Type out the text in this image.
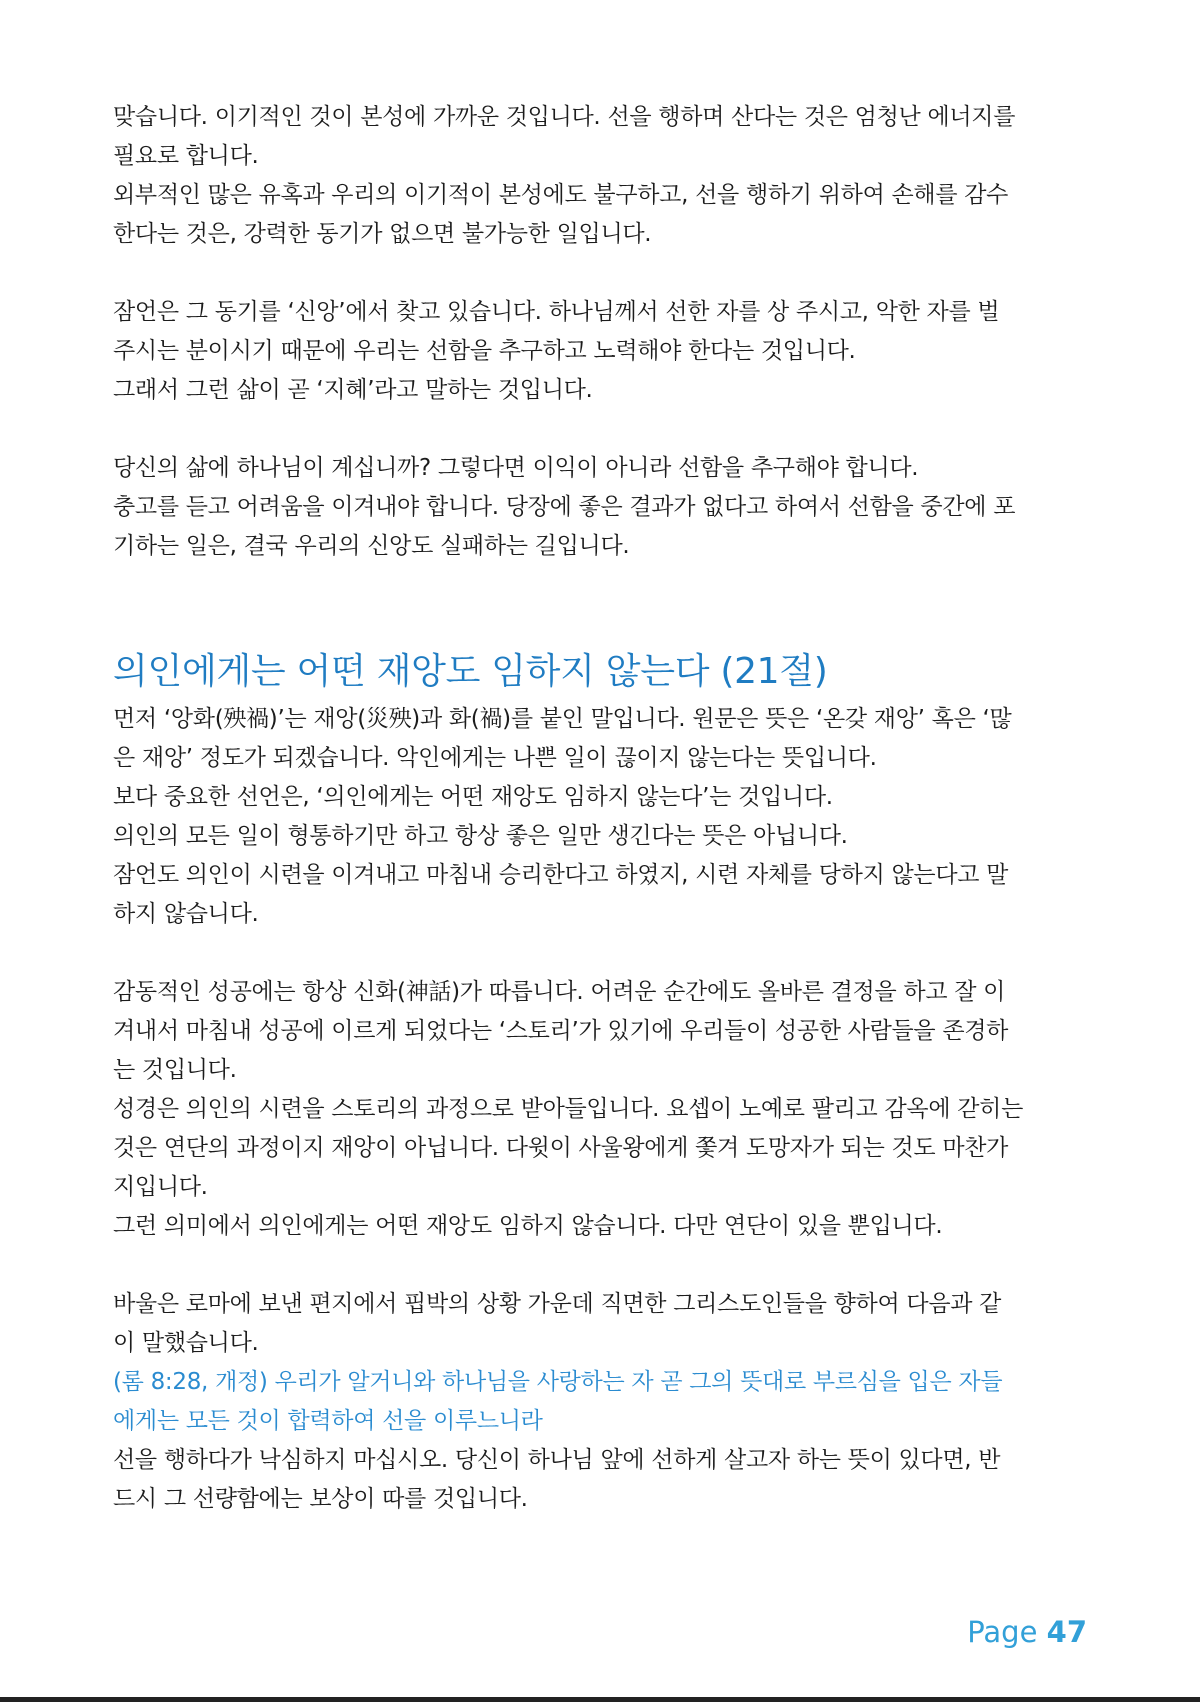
맞습니다. 이기적인 것이 본성에 가까운 것입니다. 선을 행하며 산다는 것은 엄청난 에너지를
필요로 합니다.
외부적인 많은 유혹과 우리의 이기적이 본성에도 불구하고, 선을 행하기 위하여 손해를 감수
한다는 것은, 강력한 동기가 없으면 불가능한 일입니다.
잠언은 그 동기를 ‘신앙’에서 찾고 있습니다. 하나님께서 선한 자를 상 주시고, 악한 자를 벌
주시는 분이시기 때문에 우리는 선함을 추구하고 노력해야 한다는 것입니다.
그래서 그런 삶이 곧 ‘지혜’라고 말하는 것입니다.
당신의 삶에 하나님이 계십니까? 그렇다면 이익이 아니라 선함을 추구해야 합니다.
충고를 듣고 어려움을 이겨내야 합니다. 당장에 좋은 결과가 없다고 하여서 선함을 중간에 포
기하는 일은, 결국 우리의 신앙도 실패하는 길입니다.
의인에게는 어떤 재앙도 임하지 않는다 (21절)
먼저 ‘앙화(殃禍)’는 재앙(災殃)과 화(禍)를 붙인 말입니다. 원문은 뜻은 ‘온갖 재앙’ 혹은 ‘많
은 재앙’ 정도가 되겠습니다. 악인에게는 나쁜 일이 끊이지 않는다는 뜻입니다.
보다 중요한 선언은, ‘의인에게는 어떤 재앙도 임하지 않는다’는 것입니다.
의인의 모든 일이 형통하기만 하고 항상 좋은 일만 생긴다는 뜻은 아닙니다.
잠언도 의인이 시련을 이겨내고 마침내 승리한다고 하였지, 시련 자체를 당하지 않는다고 말
하지 않습니다.
감동적인 성공에는 항상 신화(神話)가 따릅니다. 어려운 순간에도 올바른 결정을 하고 잘 이
겨내서 마침내 성공에 이르게 되었다는 ‘스토리’가 있기에 우리들이 성공한 사람들을 존경하
는 것입니다.
성경은 의인의 시련을 스토리의 과정으로 받아들입니다. 요셉이 노예로 팔리고 감옥에 갇히는
것은 연단의 과정이지 재앙이 아닙니다. 다윗이 사울왕에게 쫓겨 도망자가 되는 것도 마찬가
지입니다.
그런 의미에서 의인에게는 어떤 재앙도 임하지 않습니다. 다만 연단이 있을 뿐입니다.
바울은 로마에 보낸 편지에서 핍박의 상황 가운데 직면한 그리스도인들을 향하여 다음과 같
이 말했습니다.
(롬 8:28, 개정) 우리가 알거니와 하나님을 사랑하는 자 곧 그의 뜻대로 부르심을 입은 자들
에게는 모든 것이 합력하여 선을 이루느니라
선을 행하다가 낙심하지 마십시오. 당신이 하나님 앞에 선하게 살고자 하는 뜻이 있다면, 반
드시 그 선량함에는 보상이 따를 것입니다.
Page 47
